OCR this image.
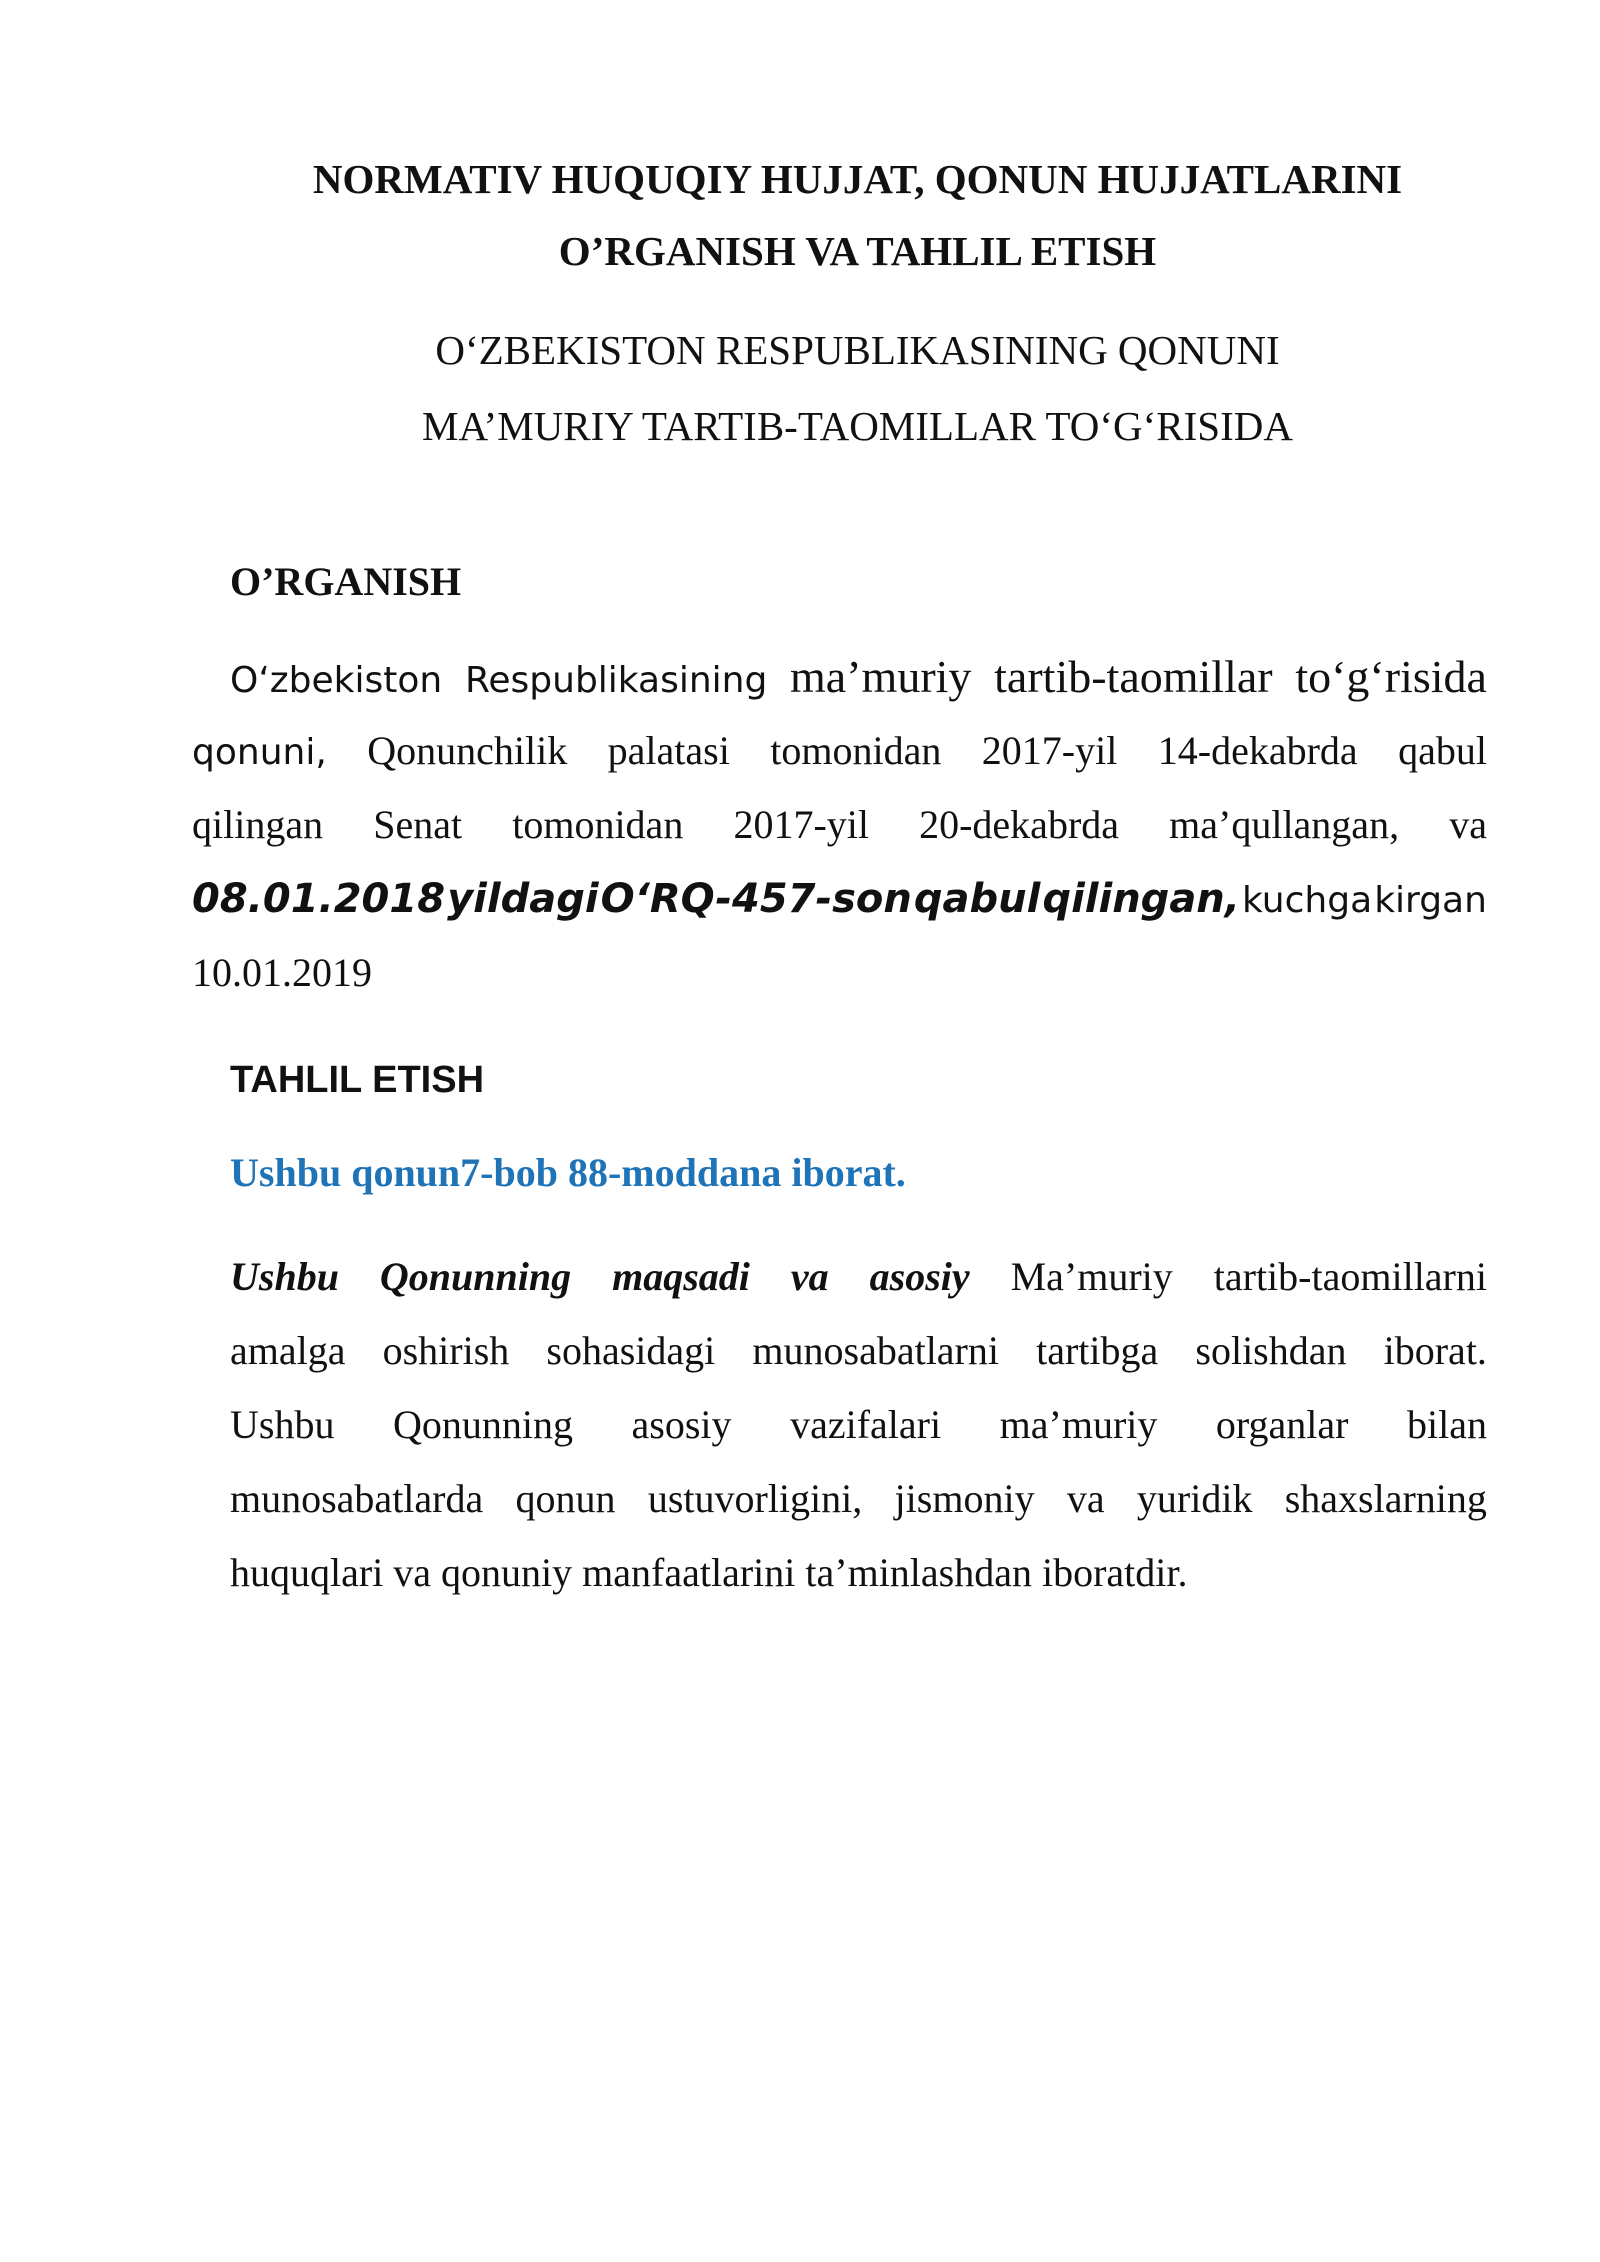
NORMATIV HUQUQIY HUJJAT, QONUN HUJJATLARINI
O’RGANISH VA TAHLIL ETISH
O‘ZBEKISTON RESPUBLIKASINING QONUNI
MA’MURIY TARTIB-TAOMILLAR TO‘G‘RISIDA
O’RGANISH
O‘zbekiston Respublikasining ma’muriy tartib-taomillar to‘g‘risida
qonuni, Qonunchilik palatasi tomonidan 2017-yil 14-dekabrda qabul
qilingan Senat tomonidan 2017-yil 20-dekabrda ma’qullangan, va
08.01.2018 yildagi O‘RQ-457-son qabul qilingan, kuchga kirgan
10.01.2019
TAHLIL ETISH
Ushbu qonun7-bob 88-moddana iborat.
Ushbu Qonunning maqsadi va asosiy Ma’muriy tartib-taomillarni
amalga oshirish sohasidagi munosabatlarni tartibga solishdan iborat.
Ushbu Qonunning asosiy vazifalari ma’muriy organlar bilan
munosabatlarda qonun ustuvorligini, jismoniy va yuridik shaxslarning
huquqlari va qonuniy manfaatlarini ta’minlashdan iboratdir.
